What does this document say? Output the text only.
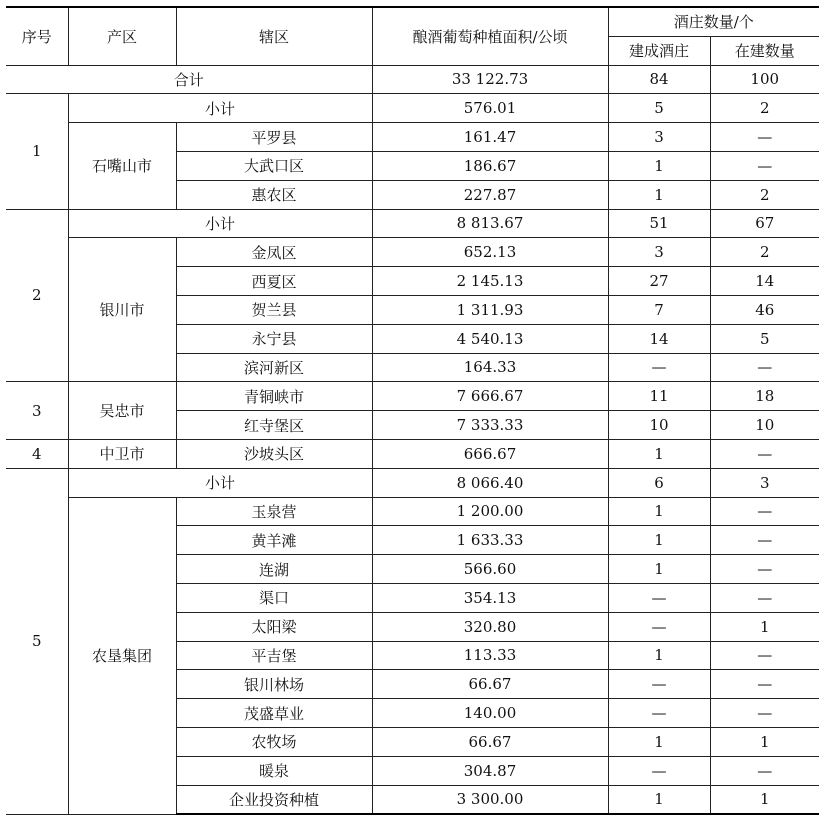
序号	产区	辖区	酿酒葡萄种植面积/公顷	酒庄数量/个	
				建成酒庄	在建数量
合计			33 122.73	84	100
1	小计		576.01	5	2
	石嘴山市	平罗县	161.47	3	—
		大武口区	186.67	1	—
		惠农区	227.87	1	2
2	小计		8 813.67	51	67
	银川市	金凤区	652.13	3	2
		西夏区	2 145.13	27	14
		贺兰县	1 311.93	7	46
		永宁县	4 540.13	14	5
		滨河新区	164.33	—	—
3	吴忠市	青铜峡市	7 666.67	11	18
		红寺堡区	7 333.33	10	10
4	中卫市	沙坡头区	666.67	1	—
5	小计		8 066.40	6	3
	农垦集团	玉泉营	1 200.00	1	—
		黄羊滩	1 633.33	1	—
		连湖	566.60	1	—
		渠口	354.13	—	—
		太阳梁	320.80	—	1
		平吉堡	113.33	1	—
		银川林场	66.67	—	—
		茂盛草业	140.00	—	—
		农牧场	66.67	1	1
		暖泉	304.87	—	—
		企业投资种植	3 300.00	1	1
